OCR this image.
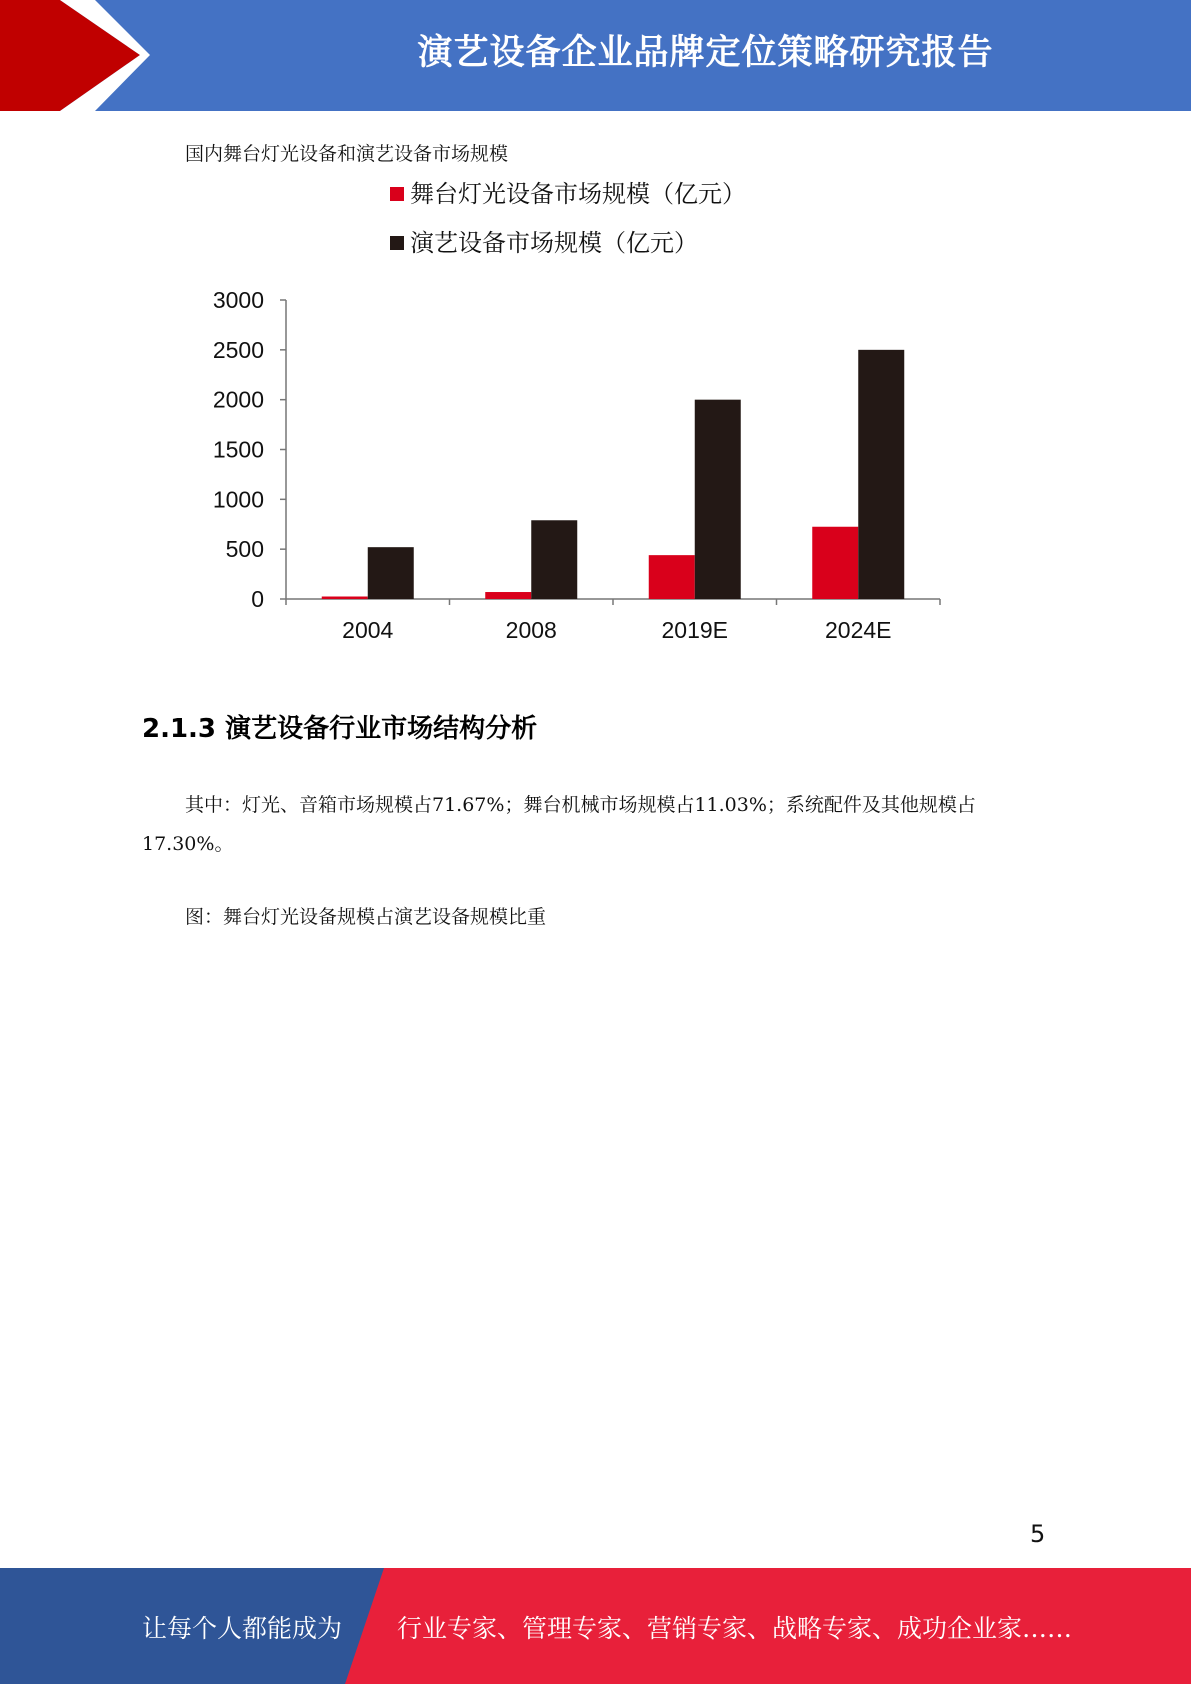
演艺设备企业品牌定位策略研究报告
国内舞台灯光设备和演艺设备市场规模
0
500
1000
1500
2000
2500
3000
2004	2008	2019E	2024E
舞台灯光设备市场规模（亿元）
演艺设备市场规模（亿元）
2.1.3 演艺设备行业市场结构分析
其中：灯光、音箱市场规模占71.67%；舞台机械市场规模占11.03%；系统配件及其他规模占17.30%。
图：舞台灯光设备规模占演艺设备规模比重
5
让每个人都能成为 行业专家、管理专家、营销专家、战略专家、成功企业家……
